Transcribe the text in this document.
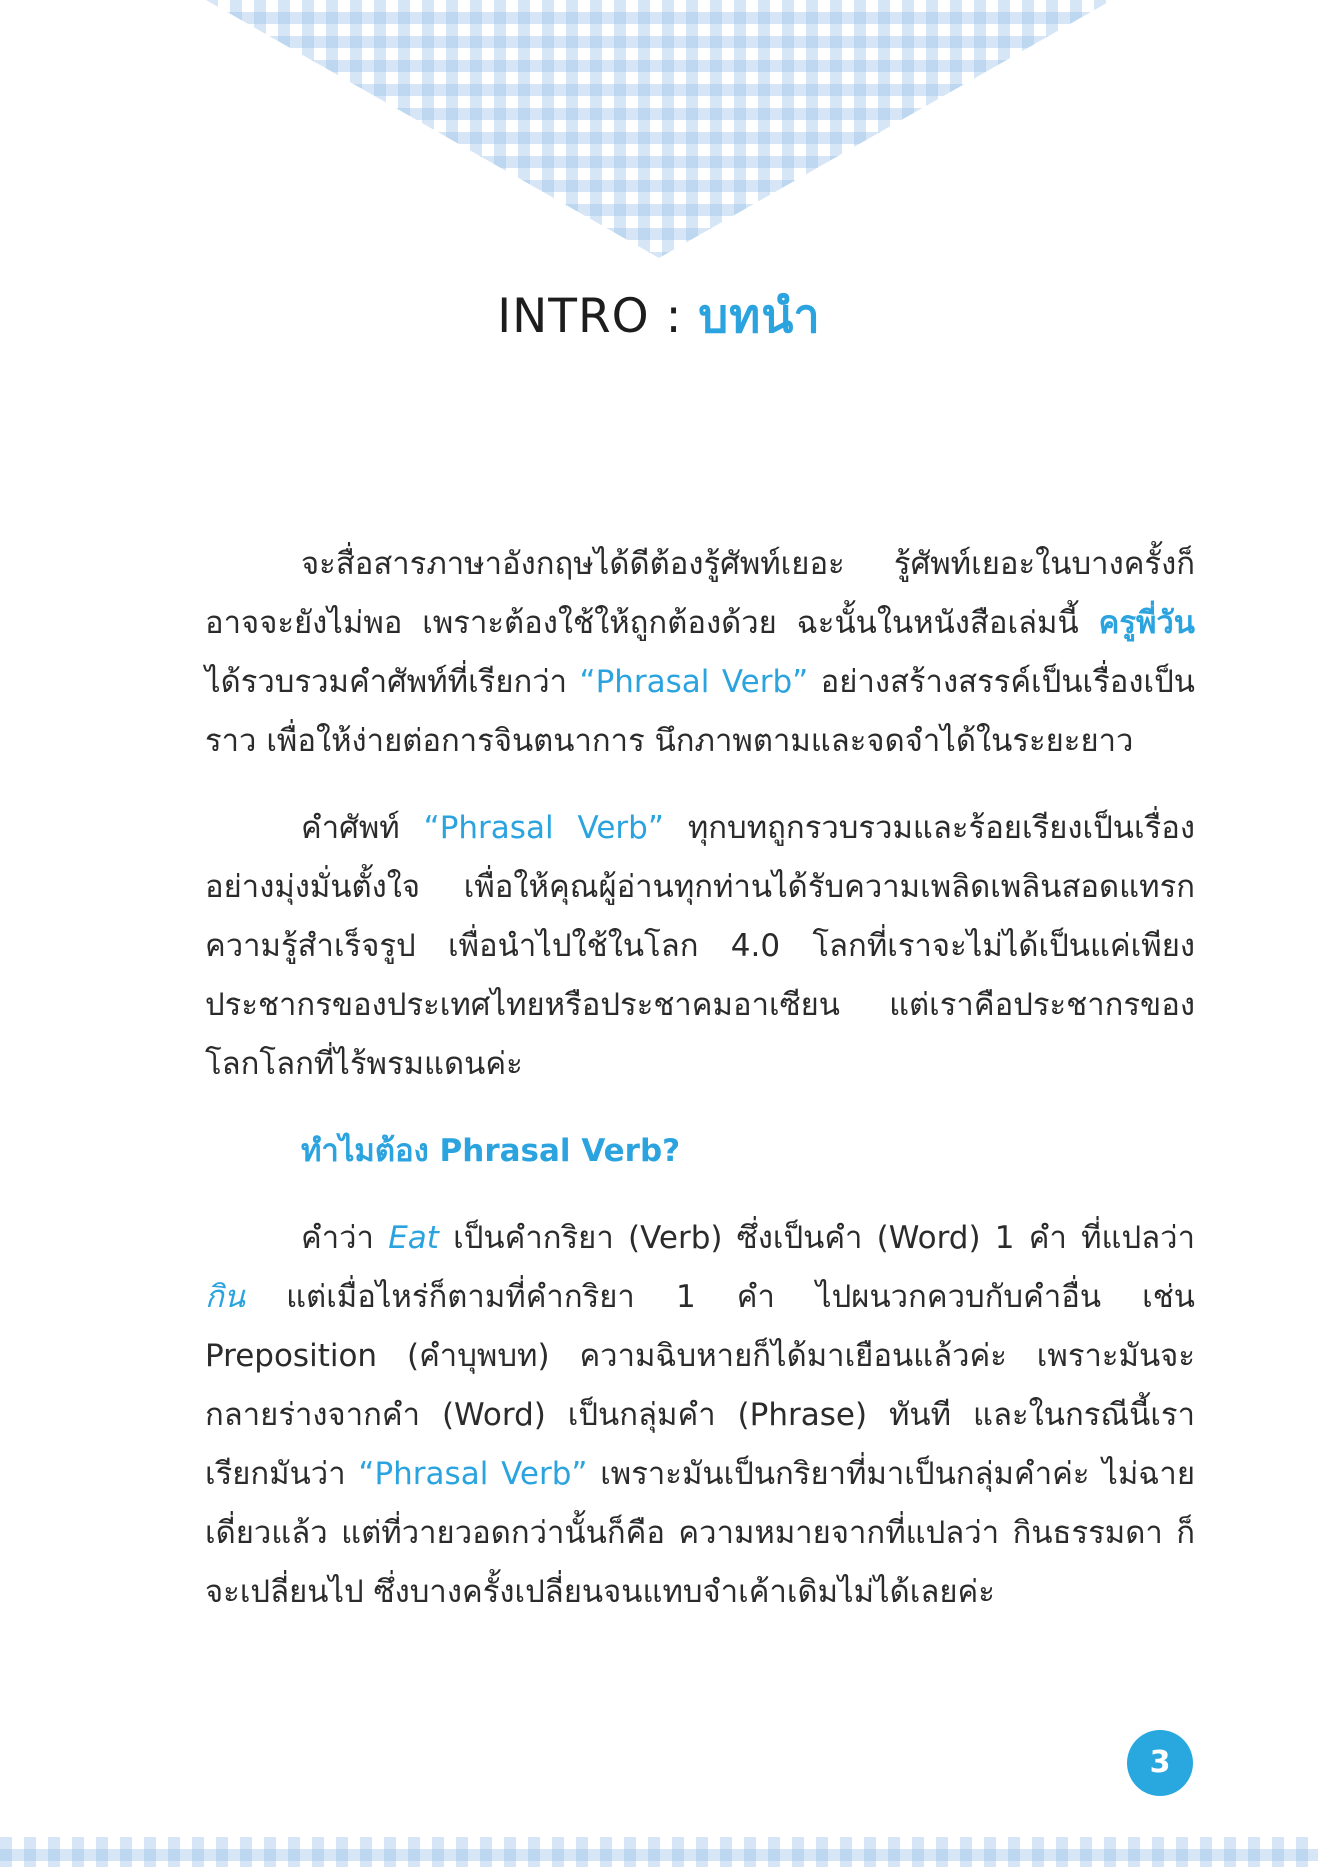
INTRO : บทนำ

จะสื่อสารภาษาอังกฤษได้ดีต้องรู้ศัพท์เยอะ รู้ศัพท์เยอะในบางครั้งก็อาจจะยังไม่พอ เพราะต้องใช้ให้ถูกต้องด้วย ฉะนั้นในหนังสือเล่มนี้ ครูพี่วัน ได้รวบรวมคำศัพท์ที่เรียกว่า “Phrasal Verb” อย่างสร้างสรรค์เป็นเรื่องเป็นราว เพื่อให้ง่ายต่อการจินตนาการ นึกภาพตามและจดจำได้ในระยะยาว

คำศัพท์ “Phrasal Verb” ทุกบทถูกรวบรวมและร้อยเรียงเป็นเรื่องอย่างมุ่งมั่นตั้งใจ เพื่อให้คุณผู้อ่านทุกท่านได้รับความเพลิดเพลินสอดแทรกความรู้สำเร็จรูป เพื่อนำไปใช้ในโลก 4.0 โลกที่เราจะไม่ได้เป็นแค่เพียงประชากรของประเทศไทยหรือประชาคมอาเซียน แต่เราคือประชากรของโลกโลกที่ไร้พรมแดนค่ะ

ทำไมต้อง Phrasal Verb?

คำว่า Eat เป็นคำกริยา (Verb) ซึ่งเป็นคำ (Word) 1 คำ ที่แปลว่า กิน แต่เมื่อไหร่ก็ตามที่คำกริยา 1 คำ ไปผนวกควบกับคำอื่น เช่น Preposition (คำบุพบท) ความฉิบหายก็ได้มาเยือนแล้วค่ะ เพราะมันจะกลายร่างจากคำ (Word) เป็นกลุ่มคำ (Phrase) ทันที และในกรณีนี้เราเรียกมันว่า “Phrasal Verb” เพราะมันเป็นกริยาที่มาเป็นกลุ่มคำค่ะ ไม่ฉายเดี่ยวแล้ว แต่ที่วายวอดกว่านั้นก็คือ ความหมายจากที่แปลว่า กินธรรมดา ก็จะเปลี่ยนไป ซึ่งบางครั้งเปลี่ยนจนแทบจำเค้าเดิมไม่ได้เลยค่ะ

3
